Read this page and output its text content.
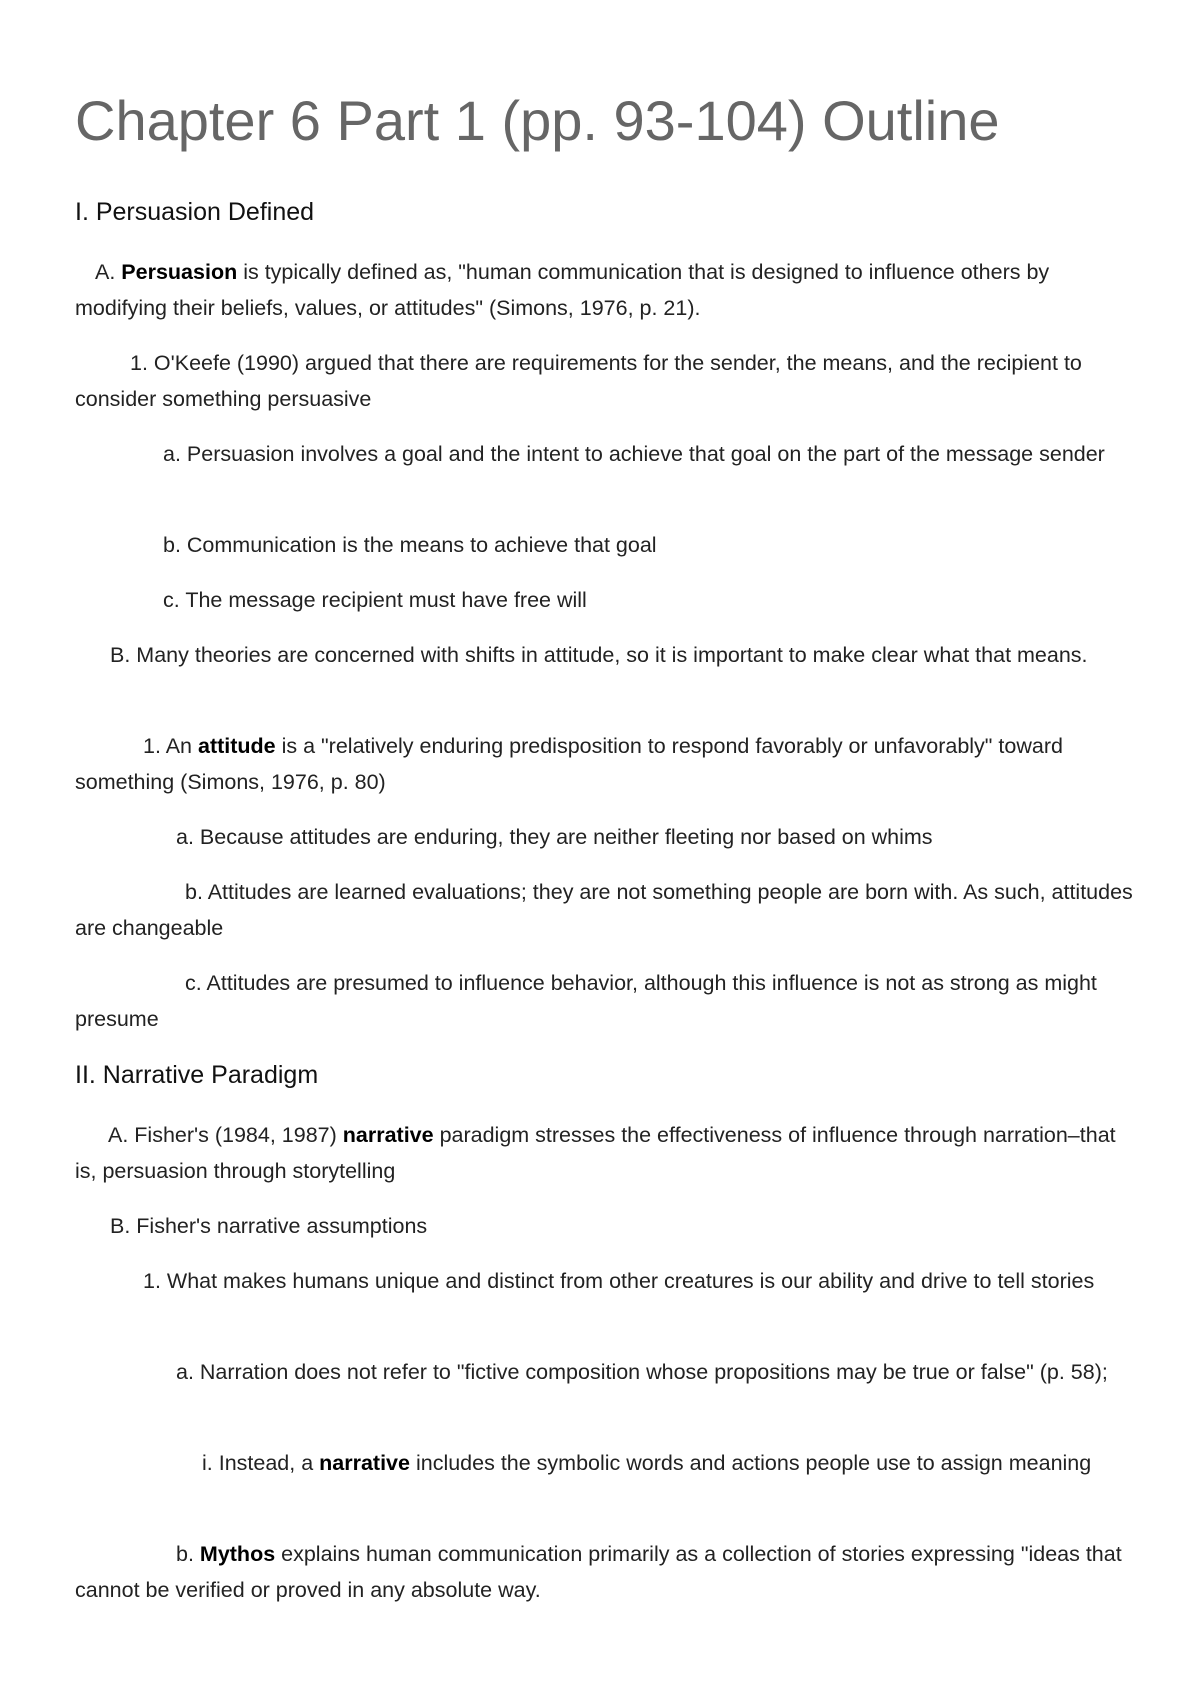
Chapter 6 Part 1 (pp. 93-104) Outline
I. Persuasion Defined

A. Persuasion is typically defined as, "human communication that is designed to influence others by modifying their beliefs, values, or attitudes" (Simons, 1976, p. 21).

1. O'Keefe (1990) argued that there are requirements for the sender, the means, and the recipient to consider something persuasive

a. Persuasion involves a goal and the intent to achieve that goal on the part of the message sender

b. Communication is the means to achieve that goal

c. The message recipient must have free will

B. Many theories are concerned with shifts in attitude, so it is important to make clear what that means.

1. An attitude is a "relatively enduring predisposition to respond favorably or unfavorably" toward something (Simons, 1976, p. 80)

a. Because attitudes are enduring, they are neither fleeting nor based on whims

b. Attitudes are learned evaluations; they are not something people are born with. As such, attitudes are changeable

c. Attitudes are presumed to influence behavior, although this influence is not as strong as might presume

II. Narrative Paradigm

A. Fisher's (1984, 1987) narrative paradigm stresses the effectiveness of influence through narration–that is, persuasion through storytelling

B. Fisher's narrative assumptions

1. What makes humans unique and distinct from other creatures is our ability and drive to tell stories

a. Narration does not refer to "fictive composition whose propositions may be true or false" (p. 58);

i. Instead, a narrative includes the symbolic words and actions people use to assign meaning

b. Mythos explains human communication primarily as a collection of stories expressing "ideas that cannot be verified or proved in any absolute way.
